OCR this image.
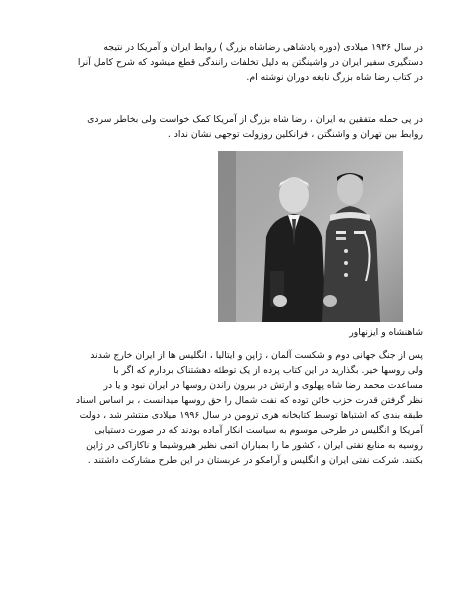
در سال ۱۹۳۶ میلادی (دوره پادشاهی رضاشاه بزرگ ) روابط ایران و آمریکا در نتیجه
دستگیری سفیر ایران در واشینگتن به دلیل تخلفات رانندگی قطع میشود که شرح کامل آنرا
در کتاب رضا شاه بزرگ نابغه دوران نوشته ام.
در پی حمله متفقین به ایران ، رضا شاه بزرگ از آمریکا کمک خواست ولی بخاطر سردی
روابط بین تهران و واشنگتن ، فرانکلین روزولت توجهی نشان نداد .
شاهنشاه و ایزنهاور
پس از جنگ جهانی دوم و شکست آلمان ، ژاپن و ایتالیا ، انگلیس ها از ایران خارج شدند
ولی روسها خیر. بگذارید در این کتاب پرده از یک توطئه دهشتناک بردارم که اگر با
مساعدت محمد رضا شاه پهلوی و ارتش در بیرون راندن روسها در ایران نبود و یا در
نظر گرفتن قدرت حزب خائن توده که نفت شمال را حق روسها میدانست ، بر اساس اسناد
طبقه بندی که اشتباها توسط کتابخانه هری ترومن در سال ۱۹۹۶ میلادی منتشر شد ، دولت
آمریکا و انگلیس در طرحی موسوم به سیاست انکار آماده بودند که در صورت دستیابی
روسیه به منابع نفتی ایران ، کشور ما را بمباران اتمی نظیر هیروشیما و ناکازاکی در ژاپن
بکنند. شرکت نفتی ایران و انگلیس و آرامکو در عربستان در این طرح مشارکت داشتند .
